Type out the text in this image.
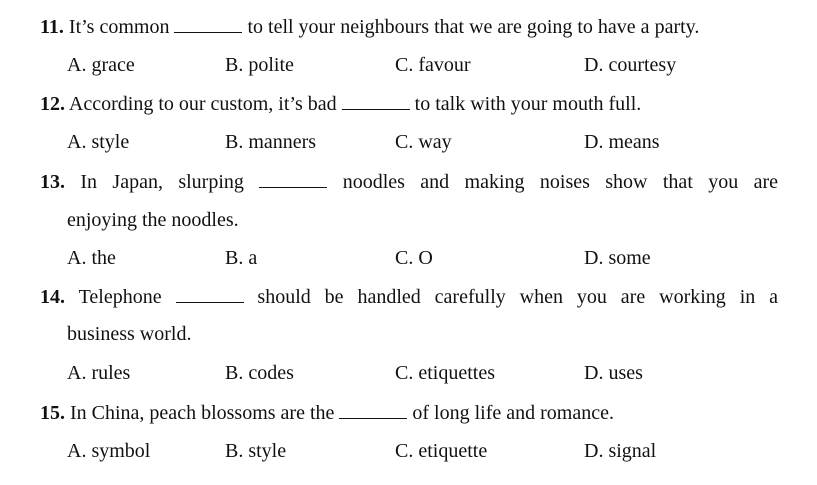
11. It’s common	to tell your neighbours that we are going to have a party.
A. grace	B. polite	C. favour	D. courtesy
12. According to our custom, it’s bad	to talk with your mouth full.
A. style	B. manners	C. way	D. means
13. In Japan, slurping	noodles and making noises show that you are
enjoying the noodles.
A. the	B. a	C. O	D. some
14. Telephone	should be handled carefully when you are working in a
business world.
A. rules	B. codes	C. etiquettes	D. uses
15. In China, peach blossoms are the	of long life and romance.
A. symbol	B. style	C. etiquette	D. signal
